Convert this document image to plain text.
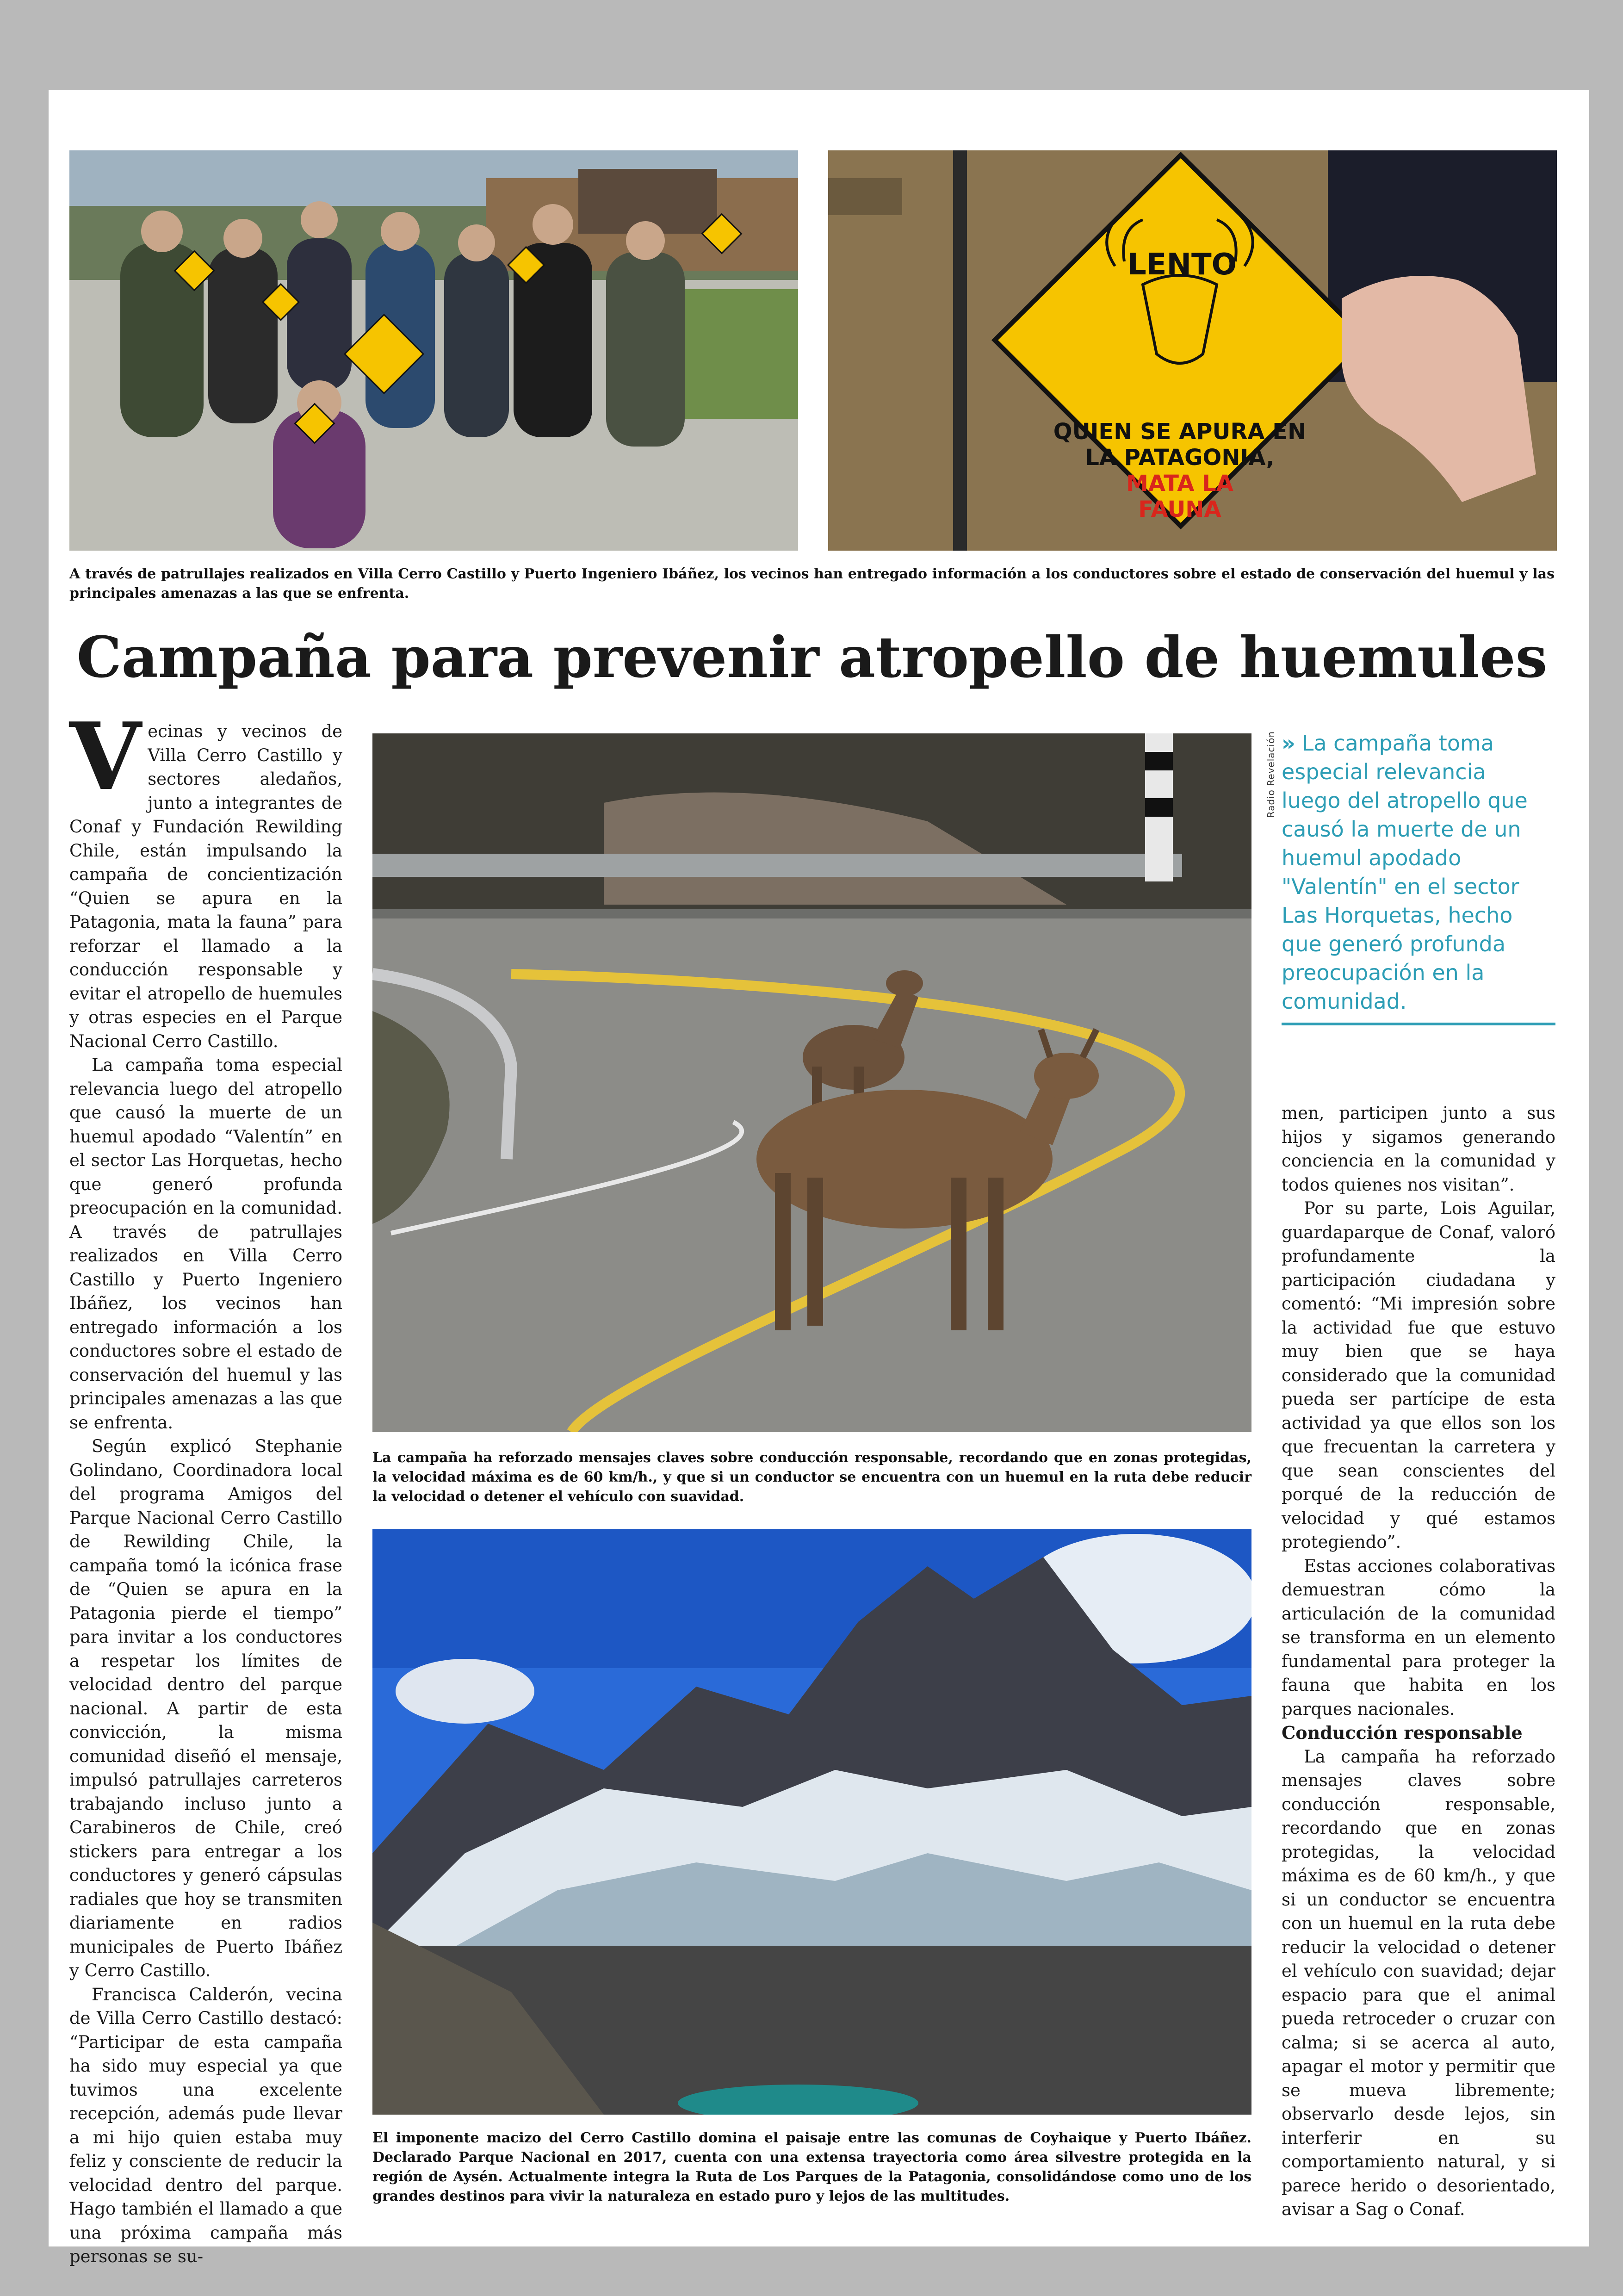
LENTO
QUIEN SE APURA EN
LA PATAGONIA,
MATA LA
FAUNA
A través de patrullajes realizados en Villa Cerro Castillo y Puerto Ingeniero Ibáñez, los vecinos han entregado información a los conductores sobre el estado de conservación del huemul y las principales amenazas a las que se enfrenta.
Campaña para prevenir atropello de huemules

Vecinas y vecinos de Villa Cerro Castillo y sectores aledaños, junto a integrantes de Conaf y Fundación Rewilding Chile, están impulsando la campaña de concientización “Quien se apura en la Patagonia, mata la fauna” para reforzar el llamado a la conducción responsable y evitar el atropello de huemules y otras especies en el Parque Nacional Cerro Castillo.

La campaña toma especial relevancia luego del atropello que causó la muerte de un huemul apodado “Valentín” en el sector Las Horquetas, hecho que generó profunda preocupación en la comunidad. A través de patrullajes realizados en Villa Cerro Castillo y Puerto Ingeniero Ibáñez, los vecinos han entregado información a los conductores sobre el estado de conservación del huemul y las principales amenazas a las que se enfrenta.

Según explicó Stephanie Golindano, Coordinadora local del programa Amigos del Parque Nacional Cerro Castillo de Rewilding Chile, la campaña tomó la icónica frase de “Quien se apura en la Patagonia pierde el tiempo” para invitar a los conductores a respetar los límites de velocidad dentro del parque nacional. A partir de esta convicción, la misma comunidad diseñó el mensaje, impulsó patrullajes carreteros trabajando incluso junto a Carabineros de Chile, creó stickers para entregar a los conductores y generó cápsulas radiales que hoy se transmiten diariamente en radios municipales de Puerto Ibáñez y Cerro Castillo.

Francisca Calderón, vecina de Villa Cerro Castillo destacó: “Participar de esta campaña ha sido muy especial ya que tuvimos una excelente recepción, además pude llevar a mi hijo quien estaba muy feliz y consciente de reducir la velocidad dentro del parque. Hago también el llamado a que una próxima campaña más personas se su-

La campaña ha reforzado mensajes claves sobre conducción responsable, recordando que en zonas protegidas, la velocidad máxima es de 60 km/h., y que si un conductor se encuentra con un huemul en la ruta debe reducir la velocidad o detener el vehículo con suavidad.
El imponente macizo del Cerro Castillo domina el paisaje entre las comunas de Coyhaique y Puerto Ibáñez. Declarado Parque Nacional en 2017, cuenta con una extensa trayectoria como área silvestre protegida en la región de Aysén. Actualmente integra la Ruta de Los Parques de la Patagonia, consolidándose como uno de los grandes destinos para vivir la naturaleza en estado puro y lejos de las multitudes.
Radio Revelación » La campaña toma especial relevancia luego del atropello que causó la muerte de un huemul apodado "Valentín" en el sector Las Horquetas, hecho que generó profunda preocupación en la comunidad.

men, participen junto a sus hijos y sigamos generando conciencia en la comunidad y todos quienes nos visitan”.

Por su parte, Lois Aguilar, guardaparque de Conaf, valoró profundamente la participación ciudadana y comentó: “Mi impresión sobre la actividad fue que estuvo muy bien que se haya considerado que la comunidad pueda ser partícipe de esta actividad ya que ellos son los que frecuentan la carretera y que sean conscientes del porqué de la reducción de velocidad y qué estamos protegiendo”.

Estas acciones colaborativas demuestran cómo la articulación de la comunidad se transforma en un elemento fundamental para proteger la fauna que habita en los parques nacionales.

Conducción responsable

La campaña ha reforzado mensajes claves sobre conducción responsable, recordando que en zonas protegidas, la velocidad máxima es de 60 km/h., y que si un conductor se encuentra con un huemul en la ruta debe reducir la velocidad o detener el vehículo con suavidad; dejar espacio para que el animal pueda retroceder o cruzar con calma; si se acerca al auto, apagar el motor y permitir que se mueva libremente; observarlo desde lejos, sin interferir en su comportamiento natural, y si parece herido o desorientado, avisar a Sag o Conaf.
